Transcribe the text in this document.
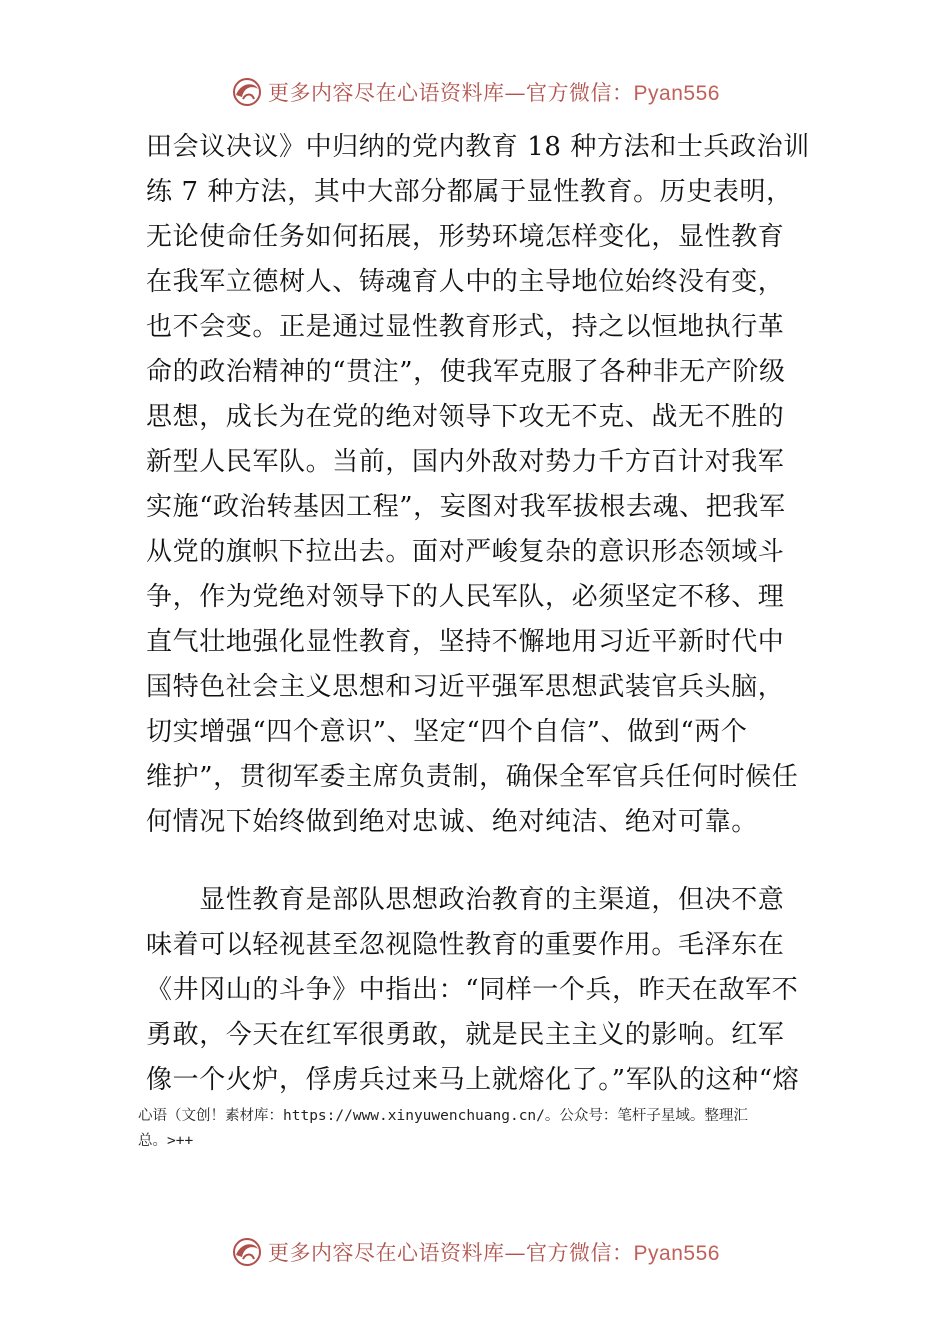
更多内容尽在心语资料库—官方微信：Pyan556
田会议决议》中归纳的党内教育 18 种方法和士兵政治训
练 7 种方法，其中大部分都属于显性教育。历史表明，
无论使命任务如何拓展，形势环境怎样变化，显性教育
在我军立德树人、铸魂育人中的主导地位始终没有变，
也不会变。正是通过显性教育形式，持之以恒地执行革
命的政治精神的“贯注”，使我军克服了各种非无产阶级
思想，成长为在党的绝对领导下攻无不克、战无不胜的
新型人民军队。当前，国内外敌对势力千方百计对我军
实施“政治转基因工程”，妄图对我军拔根去魂、把我军
从党的旗帜下拉出去。面对严峻复杂的意识形态领域斗
争，作为党绝对领导下的人民军队，必须坚定不移、理
直气壮地强化显性教育，坚持不懈地用习近平新时代中
国特色社会主义思想和习近平强军思想武装官兵头脑，
切实增强“四个意识”、坚定“四个自信”、做到“两个
维护”，贯彻军委主席负责制，确保全军官兵任何时候任
何情况下始终做到绝对忠诚、绝对纯洁、绝对可靠。
　　显性教育是部队思想政治教育的主渠道，但决不意
味着可以轻视甚至忽视隐性教育的重要作用。毛泽东在
《井冈山的斗争》中指出：“同样一个兵，昨天在敌军不
勇敢，今天在红军很勇敢，就是民主主义的影响。红军
像一个火炉，俘虏兵过来马上就熔化了。”军队的这种“熔
心语（文创！素材库：https://www.xinyuwenchuang.cn/。公众号：笔杆子星域。整理汇
总。>++
更多内容尽在心语资料库—官方微信：Pyan556
